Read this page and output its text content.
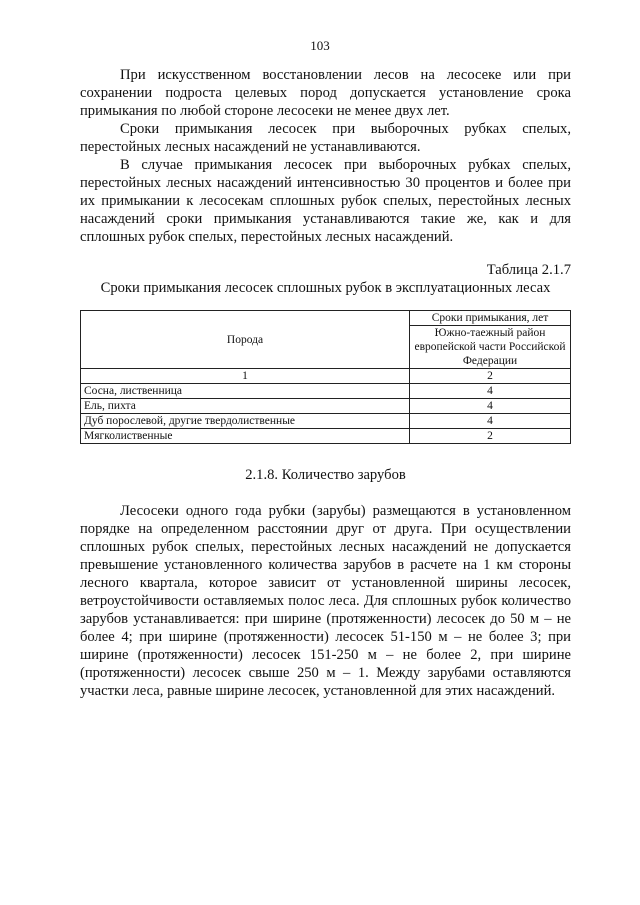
103

При искусственном восстановлении лесов на лесосеке или при сохранении подроста целевых пород допускается установление срока примыкания по любой стороне лесосеки не менее двух лет.

Сроки примыкания лесосек при выборочных рубках спелых, перестойных лесных насаждений не устанавливаются.

В случае примыкания лесосек при выборочных рубках спелых, перестойных лесных насаждений интенсивностью 30 процентов и более при их примыкании к лесосекам сплошных рубок спелых, перестойных лесных насаждений сроки примыкания устанавливаются такие же, как и для сплошных рубок спелых, перестойных лесных насаждений.

Таблица 2.1.7
Сроки примыкания лесосек сплошных рубок в эксплуатационных лесах
Порода	Сроки примыкания, лет
	Южно-таежный район европейской части Российской Федерации
1	2
Сосна, лиственница	4
Ель, пихта	4
Дуб порослевой, другие твердолиственные	4
Мягколиственные	2
2.1.8. Количество зарубов

Лесосеки одного года рубки (зарубы) размещаются в установленном порядке на определенном расстоянии друг от друга. При осуществлении сплошных рубок спелых, перестойных лесных насаждений не допускается превышение установленного количества зарубов в расчете на 1 км стороны лесного квартала, которое зависит от установленной ширины лесосек, ветроустойчивости оставляемых полос леса. Для сплошных рубок количество зарубов устанавливается: при ширине (протяженности) лесосек до 50 м – не более 4; при ширине (протяженности) лесосек 51-150 м – не более 3; при ширине (протяженности) лесосек 151-250 м – не более 2, при ширине (протяженности) лесосек свыше 250 м – 1. Между зарубами оставляются участки леса, равные ширине лесосек, установленной для этих насаждений.
